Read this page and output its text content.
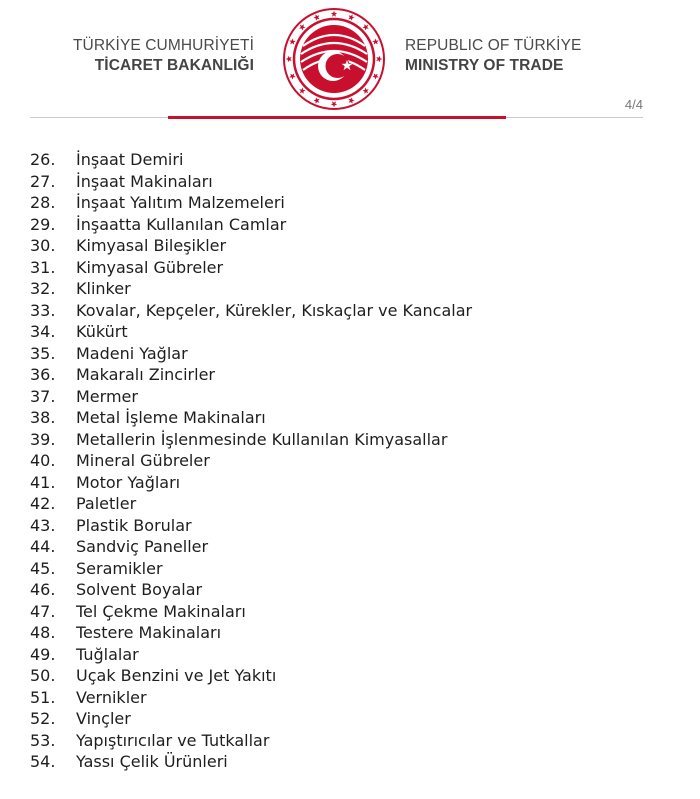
TÜRKİYE CUMHURİYETİ
TİCARET BAKANLIĞI
REPUBLIC OF TÜRKİYE
MINISTRY OF TRADE
4/4
26.	İnşaat Demiri
27.	İnşaat Makinaları
28.	İnşaat Yalıtım Malzemeleri
29.	İnşaatta Kullanılan Camlar
30.	Kimyasal Bileşikler
31.	Kimyasal Gübreler
32.	Klinker
33.	Kovalar, Kepçeler, Kürekler, Kıskaçlar ve Kancalar
34.	Kükürt
35.	Madeni Yağlar
36.	Makaralı Zincirler
37.	Mermer
38.	Metal İşleme Makinaları
39.	Metallerin İşlenmesinde Kullanılan Kimyasallar
40.	Mineral Gübreler
41.	Motor Yağları
42.	Paletler
43.	Plastik Borular
44.	Sandviç Paneller
45.	Seramikler
46.	Solvent Boyalar
47.	Tel Çekme Makinaları
48.	Testere Makinaları
49.	Tuğlalar
50.	Uçak Benzini ve Jet Yakıtı
51.	Vernikler
52.	Vinçler
53.	Yapıştırıcılar ve Tutkallar
54.	Yassı Çelik Ürünleri
